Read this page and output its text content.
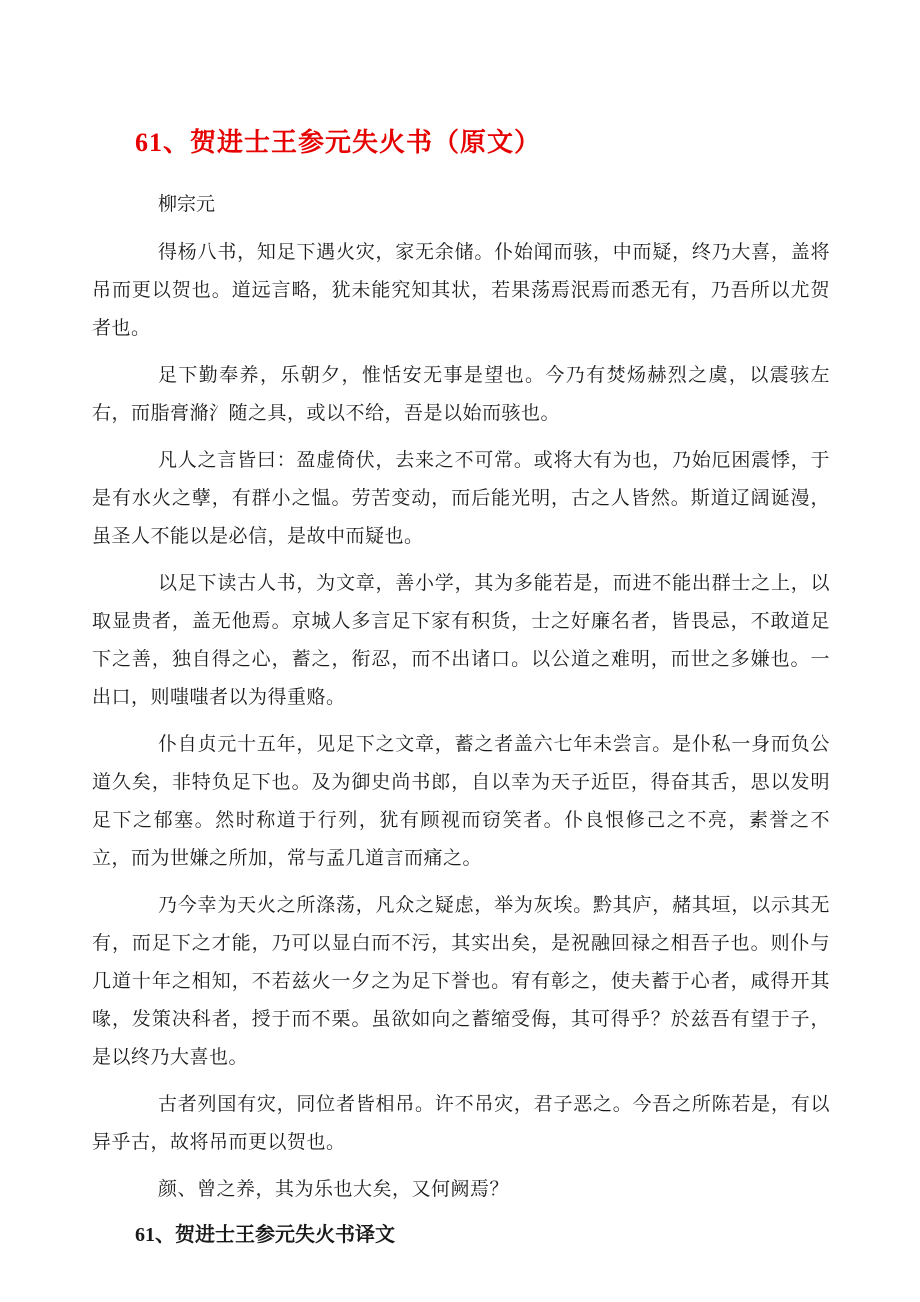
61、贺进士王参元失火书（原文）

柳宗元

得杨八书，知足下遇火灾，家无余储。仆始闻而骇，中而疑，终乃大喜，盖将吊而更以贺也。道远言略，犹未能究知其状，若果荡焉泯焉而悉无有，乃吾所以尤贺者也。

足下勤奉养，乐朝夕，惟恬安无事是望也。今乃有焚炀赫烈之虞，以震骇左右，而脂膏滫氵随之具，或以不给，吾是以始而骇也。

凡人之言皆曰：盈虚倚伏，去来之不可常。或将大有为也，乃始厄困震悸，于是有水火之孽，有群小之愠。劳苦变动，而后能光明，古之人皆然。斯道辽阔诞漫，虽圣人不能以是必信，是故中而疑也。

以足下读古人书，为文章，善小学，其为多能若是，而进不能出群士之上，以取显贵者，盖无他焉。京城人多言足下家有积货，士之好廉名者，皆畏忌，不敢道足下之善，独自得之心，蓄之，衔忍，而不出诸口。以公道之难明，而世之多嫌也。一出口，则嗤嗤者以为得重赂。

仆自贞元十五年，见足下之文章，蓄之者盖六七年未尝言。是仆私一身而负公道久矣，非特负足下也。及为御史尚书郎，自以幸为天子近臣，得奋其舌，思以发明足下之郁塞。然时称道于行列，犹有顾视而窃笑者。仆良恨修己之不亮，素誉之不立，而为世嫌之所加，常与孟几道言而痛之。

乃今幸为天火之所涤荡，凡众之疑虑，举为灰埃。黔其庐，赭其垣，以示其无有，而足下之才能，乃可以显白而不污，其实出矣，是祝融回禄之相吾子也。则仆与几道十年之相知，不若兹火一夕之为足下誉也。宥有彰之，使夫蓄于心者，咸得开其喙，发策决科者，授于而不栗。虽欲如向之蓄缩受侮，其可得乎？於兹吾有望于子，是以终乃大喜也。

古者列国有灾，同位者皆相吊。许不吊灾，君子恶之。今吾之所陈若是，有以异乎古，故将吊而更以贺也。

颜、曾之养，其为乐也大矣，又何阙焉？

61、贺进士王参元失火书译文
